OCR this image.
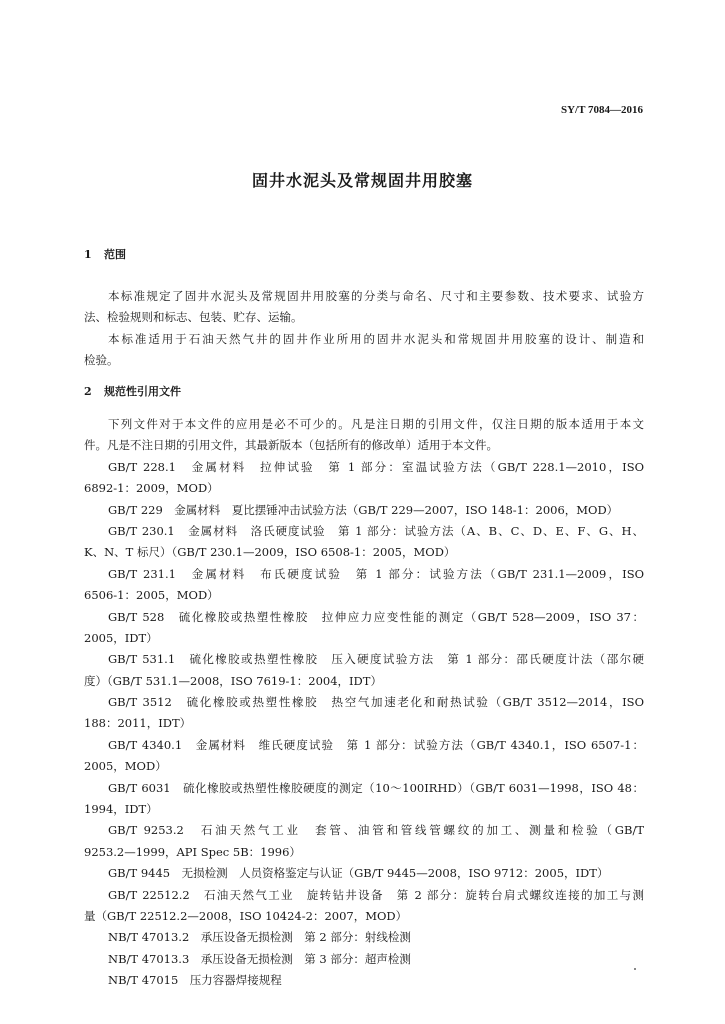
SY/T 7084—2016
固井水泥头及常规固井用胶塞
1 范围
本标准规定了固井水泥头及常规固井用胶塞的分类与命名、尺寸和主要参数、技术要求、试验方
法、检验规则和标志、包装、贮存、运输。
本标准适用于石油天然气井的固井作业所用的固井水泥头和常规固井用胶塞的设计、制造和
检验。
2 规范性引用文件
下列文件对于本文件的应用是必不可少的。凡是注日期的引用文件，仅注日期的版本适用于本文
件。凡是不注日期的引用文件，其最新版本（包括所有的修改单）适用于本文件。
GB/T 228.1　金属材料　拉伸试验　第 1 部分：室温试验方法（GB/T 228.1—2010，ISO
6892-1：2009，MOD）
GB/T 229　金属材料　夏比摆锤冲击试验方法（GB/T 229—2007，ISO 148-1：2006，MOD）
GB/T 230.1　金属材料　洛氏硬度试验　第 1 部分：试验方法（A、B、C、D、E、F、G、H、
K、N、T 标尺）（GB/T 230.1—2009，ISO 6508-1：2005，MOD）
GB/T 231.1　金属材料　布氏硬度试验　第 1 部分：试验方法（GB/T 231.1—2009，ISO
6506-1：2005，MOD）
GB/T 528　硫化橡胶或热塑性橡胶　拉伸应力应变性能的测定（GB/T 528—2009，ISO 37：
2005，IDT）
GB/T 531.1　硫化橡胶或热塑性橡胶　压入硬度试验方法　第 1 部分：邵氏硬度计法（邵尔硬
度）（GB/T 531.1—2008，ISO 7619-1：2004，IDT）
GB/T 3512　硫化橡胶或热塑性橡胶　热空气加速老化和耐热试验（GB/T 3512—2014，ISO
188：2011，IDT）
GB/T 4340.1　金属材料　维氏硬度试验　第 1 部分：试验方法（GB/T 4340.1，ISO 6507-1：
2005，MOD）
GB/T 6031　硫化橡胶或热塑性橡胶硬度的测定（10～100IRHD）（GB/T 6031—1998，ISO 48：
1994，IDT）
GB/T 9253.2　石油天然气工业　套管、油管和管线管螺纹的加工、测量和检验（GB/T
9253.2—1999，API Spec 5B：1996）
GB/T 9445　无损检测　人员资格鉴定与认证（GB/T 9445—2008，ISO 9712：2005，IDT）
GB/T 22512.2　石油天然气工业　旋转钻井设备　第 2 部分：旋转台肩式螺纹连接的加工与测
量（GB/T 22512.2—2008，ISO 10424-2：2007，MOD）
NB/T 47013.2　承压设备无损检测　第 2 部分：射线检测
NB/T 47013.3　承压设备无损检测　第 3 部分：超声检测
NB/T 47015　压力容器焊接规程
